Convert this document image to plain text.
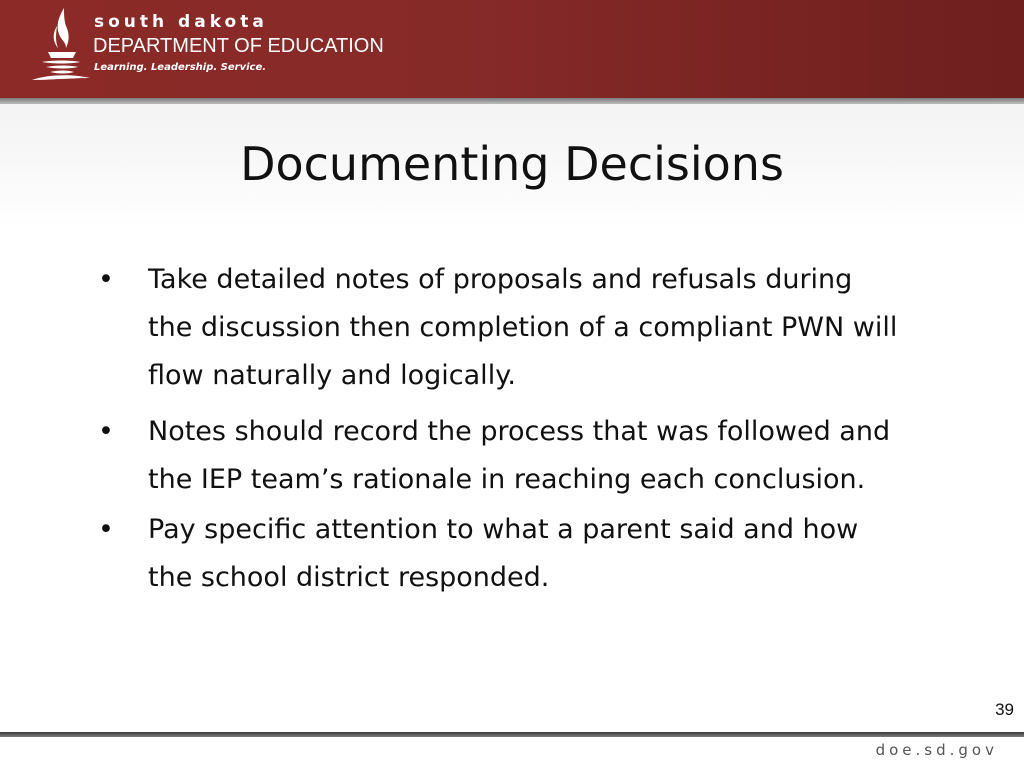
south dakota
DEPARTMENT OF EDUCATION
Learning. Leadership. Service.
Documenting Decisions
• Take detailed notes of proposals and refusals during the discussion then completion of a compliant PWN will flow naturally and logically.
• Notes should record the process that was followed and the IEP team’s rationale in reaching each conclusion.
• Pay specific attention to what a parent said and how the school district responded.
39
doe.sd.gov
